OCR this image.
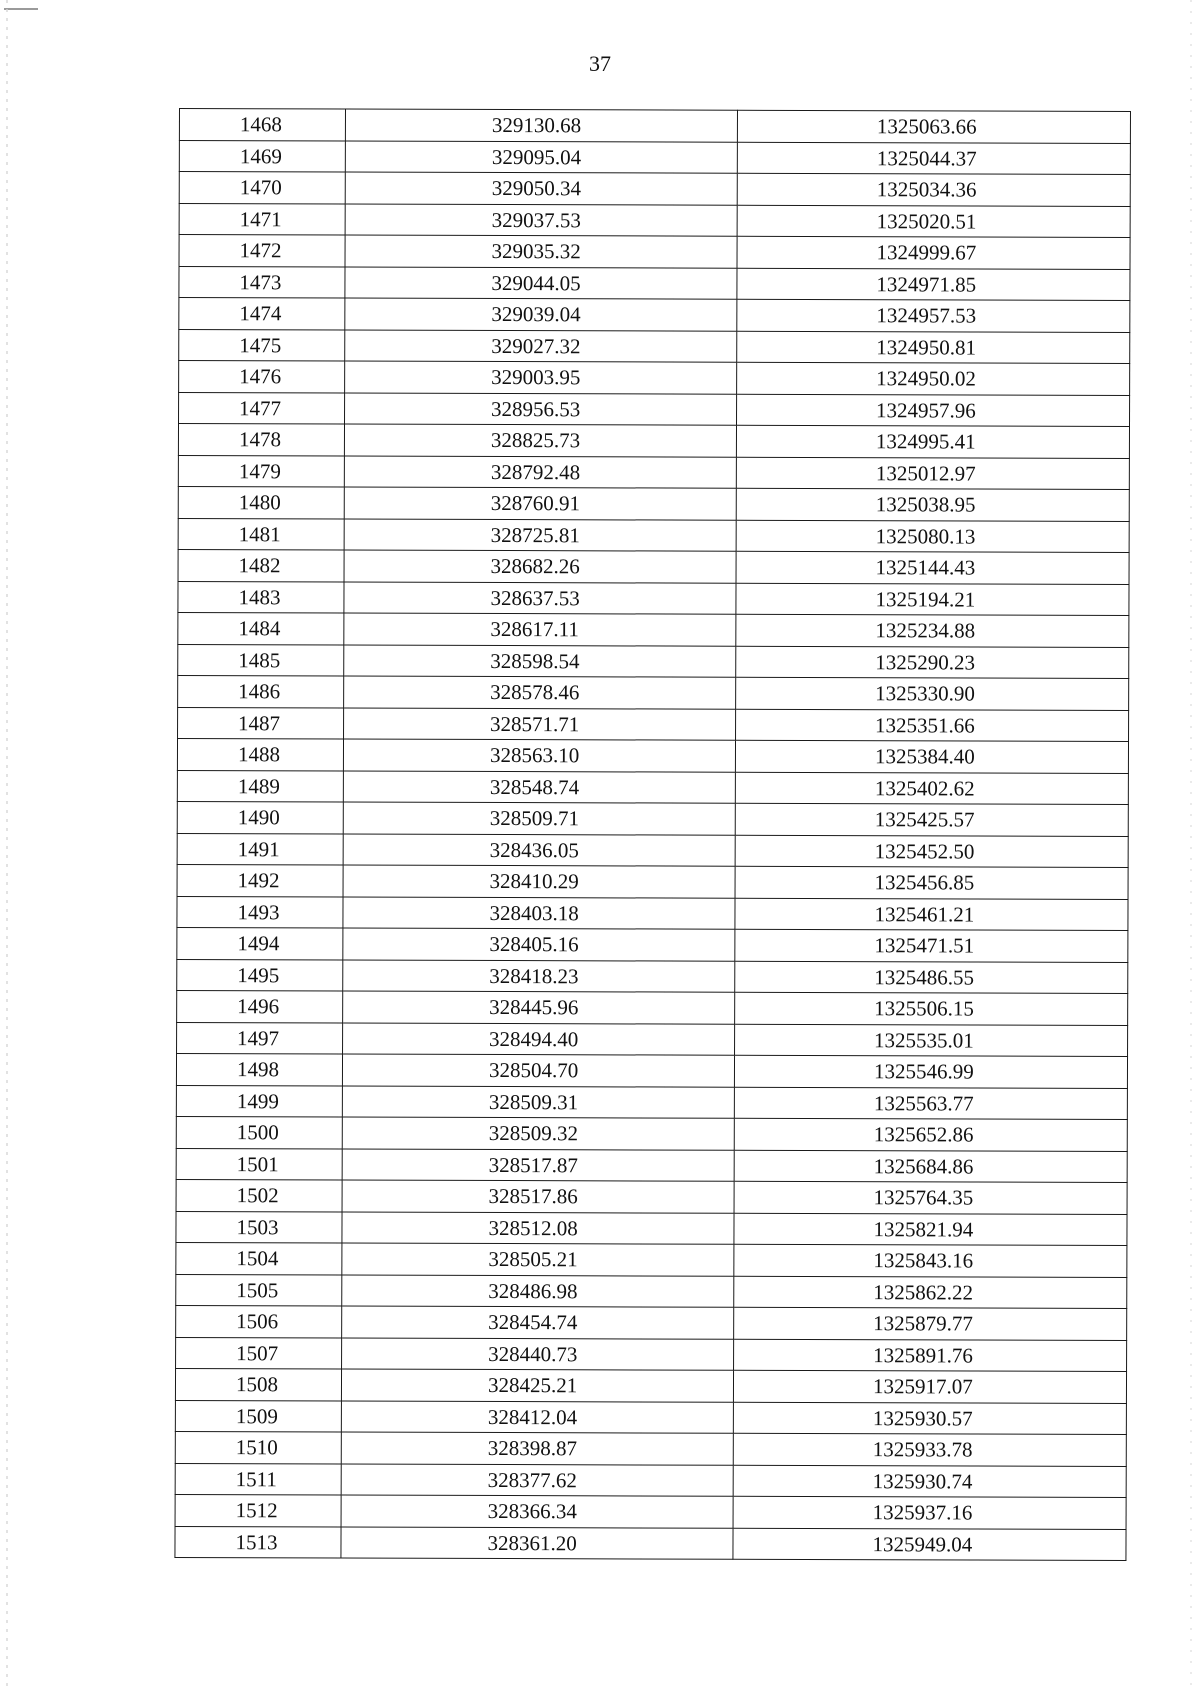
37
1468	329130.68	1325063.66
1469	329095.04	1325044.37
1470	329050.34	1325034.36
1471	329037.53	1325020.51
1472	329035.32	1324999.67
1473	329044.05	1324971.85
1474	329039.04	1324957.53
1475	329027.32	1324950.81
1476	329003.95	1324950.02
1477	328956.53	1324957.96
1478	328825.73	1324995.41
1479	328792.48	1325012.97
1480	328760.91	1325038.95
1481	328725.81	1325080.13
1482	328682.26	1325144.43
1483	328637.53	1325194.21
1484	328617.11	1325234.88
1485	328598.54	1325290.23
1486	328578.46	1325330.90
1487	328571.71	1325351.66
1488	328563.10	1325384.40
1489	328548.74	1325402.62
1490	328509.71	1325425.57
1491	328436.05	1325452.50
1492	328410.29	1325456.85
1493	328403.18	1325461.21
1494	328405.16	1325471.51
1495	328418.23	1325486.55
1496	328445.96	1325506.15
1497	328494.40	1325535.01
1498	328504.70	1325546.99
1499	328509.31	1325563.77
1500	328509.32	1325652.86
1501	328517.87	1325684.86
1502	328517.86	1325764.35
1503	328512.08	1325821.94
1504	328505.21	1325843.16
1505	328486.98	1325862.22
1506	328454.74	1325879.77
1507	328440.73	1325891.76
1508	328425.21	1325917.07
1509	328412.04	1325930.57
1510	328398.87	1325933.78
1511	328377.62	1325930.74
1512	328366.34	1325937.16
1513	328361.20	1325949.04
